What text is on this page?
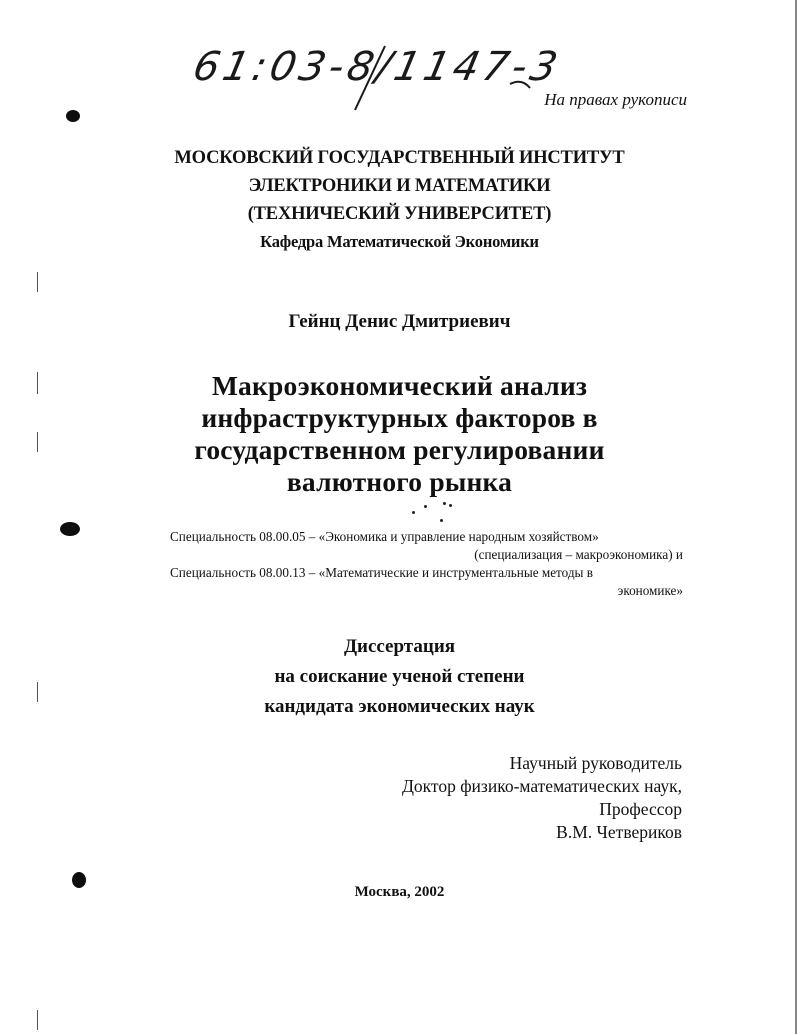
61:03-8/1147-3
На правах рукописи
МОСКОВСКИЙ ГОСУДАРСТВЕННЫЙ ИНСТИТУТ
ЭЛЕКТРОНИКИ И МАТЕМАТИКИ
(ТЕХНИЧЕСКИЙ УНИВЕРСИТЕТ)
Кафедра Математической Экономики
Гейнц Денис Дмитриевич
Макроэкономический анализ
инфраструктурных факторов в
государственном регулировании
валютного рынка
Специальность 08.00.05 – «Экономика и управление народным хозяйством»
(специализация – макроэкономика) и
Специальность 08.00.13 – «Математические и инструментальные методы в
экономике»
Диссертация
на соискание ученой степени
кандидата экономических наук
Научный руководитель
Доктор физико-математических наук,
Профессор
В.М. Четвериков
Москва, 2002
